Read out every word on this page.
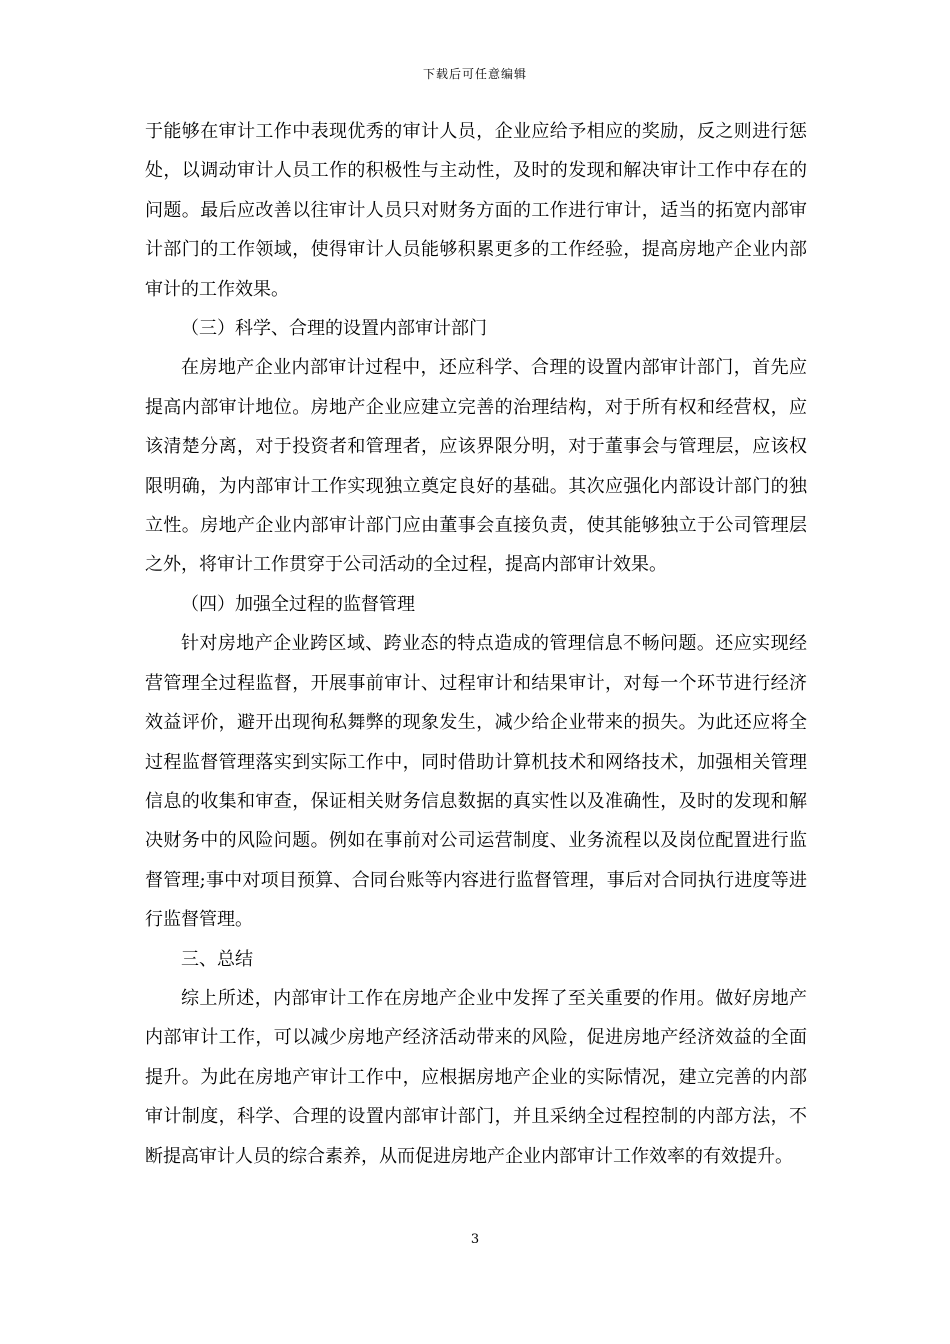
下载后可任意编辑

于能够在审计工作中表现优秀的审计人员，企业应给予相应的奖励，反之则进行惩处，以调动审计人员工作的积极性与主动性，及时的发现和解决审计工作中存在的问题。最后应改善以往审计人员只对财务方面的工作进行审计，适当的拓宽内部审计部门的工作领域，使得审计人员能够积累更多的工作经验，提高房地产企业内部审计的工作效果。

（三）科学、合理的设置内部审计部门

在房地产企业内部审计过程中，还应科学、合理的设置内部审计部门，首先应提高内部审计地位。房地产企业应建立完善的治理结构，对于所有权和经营权，应该清楚分离，对于投资者和管理者，应该界限分明，对于董事会与管理层，应该权限明确，为内部审计工作实现独立奠定良好的基础。其次应强化内部设计部门的独立性。房地产企业内部审计部门应由董事会直接负责，使其能够独立于公司管理层之外，将审计工作贯穿于公司活动的全过程，提高内部审计效果。

（四）加强全过程的监督管理

针对房地产企业跨区域、跨业态的特点造成的管理信息不畅问题。还应实现经营管理全过程监督，开展事前审计、过程审计和结果审计，对每一个环节进行经济效益评价，避开出现徇私舞弊的现象发生，减少给企业带来的损失。为此还应将全过程监督管理落实到实际工作中，同时借助计算机技术和网络技术，加强相关管理信息的收集和审查，保证相关财务信息数据的真实性以及准确性，及时的发现和解决财务中的风险问题。例如在事前对公司运营制度、业务流程以及岗位配置进行监督管理;事中对项目预算、合同台账等内容进行监督管理，事后对合同执行进度等进行监督管理。

三、总结

综上所述，内部审计工作在房地产企业中发挥了至关重要的作用。做好房地产内部审计工作，可以减少房地产经济活动带来的风险，促进房地产经济效益的全面提升。为此在房地产审计工作中，应根据房地产企业的实际情况，建立完善的内部审计制度，科学、合理的设置内部审计部门，并且采纳全过程控制的内部方法，不断提高审计人员的综合素养，从而促进房地产企业内部审计工作效率的有效提升。

3
